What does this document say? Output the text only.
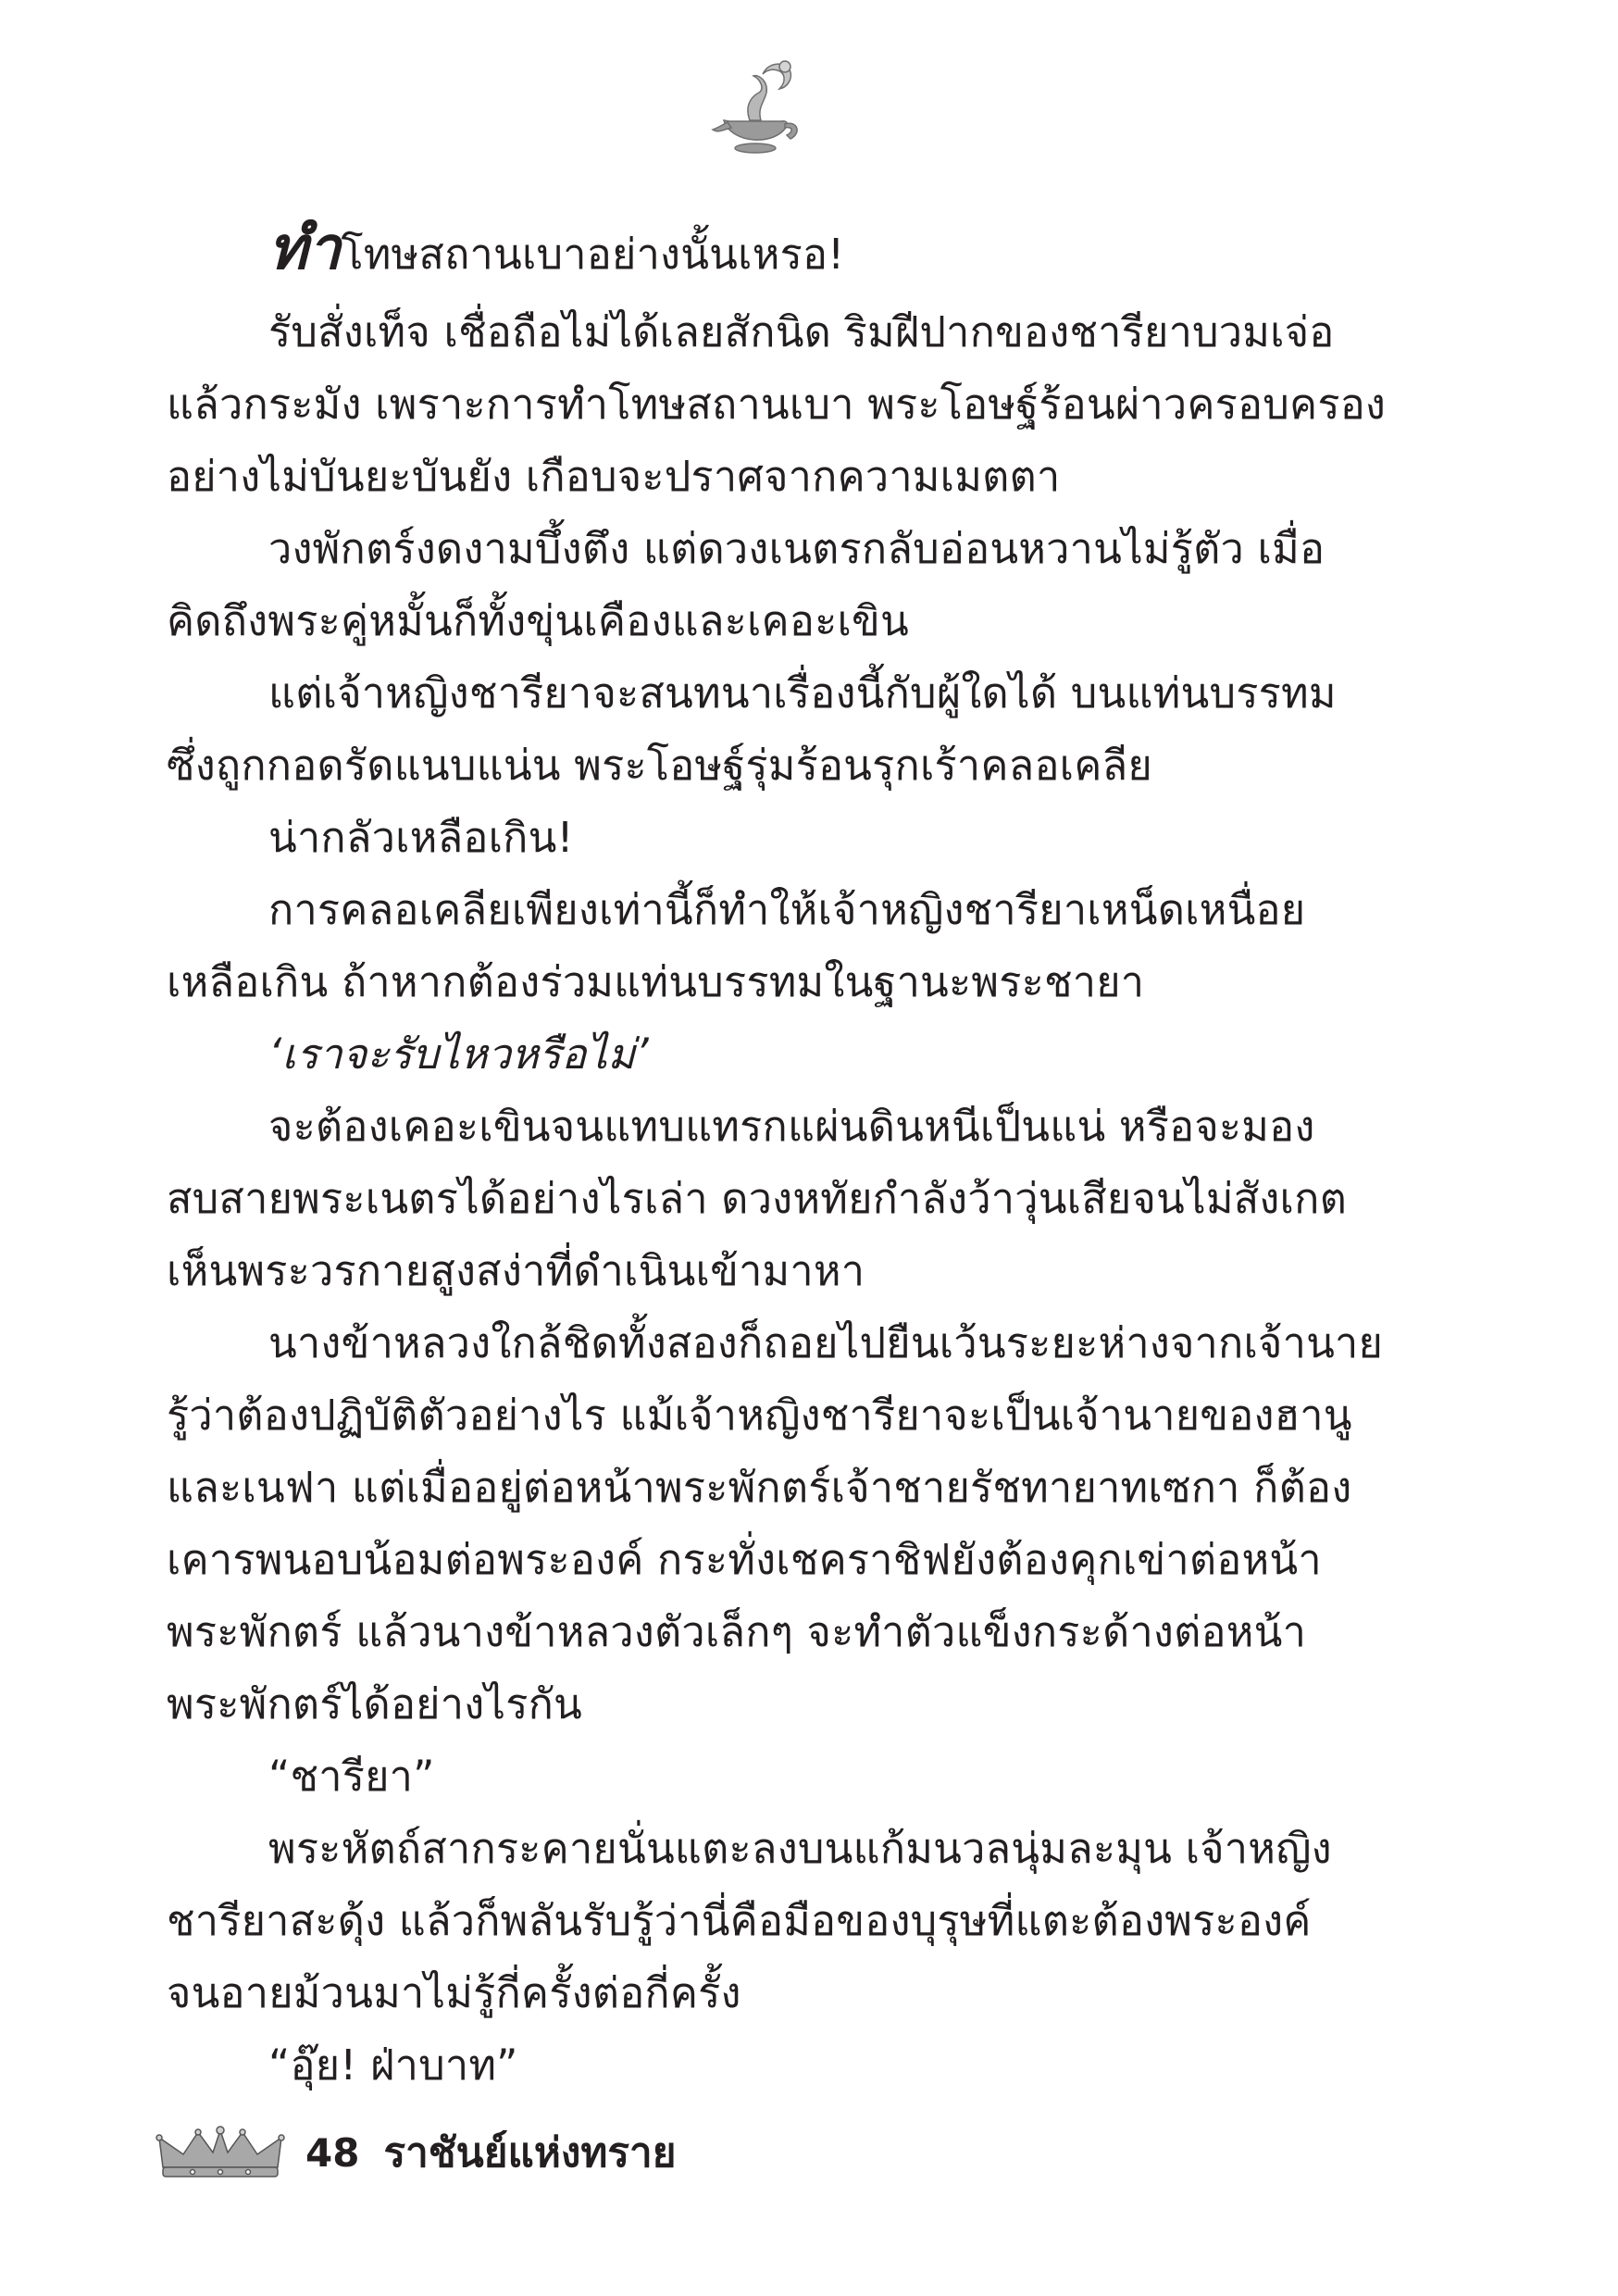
ทำโทษสถานเบาอย่างนั้นเหรอ!
รับสั่งเท็จ เชื่อถือไม่ได้เลยสักนิด ริมฝีปากของชารียาบวมเจ่อ
แล้วกระมัง เพราะการทำโทษสถานเบา พระโอษฐ์ร้อนผ่าวครอบครอง
อย่างไม่บันยะบันยัง เกือบจะปราศจากความเมตตา
วงพักตร์งดงามบึ้งตึง แต่ดวงเนตรกลับอ่อนหวานไม่รู้ตัว เมื่อ
คิดถึงพระคู่หมั้นก็ทั้งขุ่นเคืองและเคอะเขิน
แต่เจ้าหญิงชารียาจะสนทนาเรื่องนี้กับผู้ใดได้ บนแท่นบรรทม
ซึ่งถูกกอดรัดแนบแน่น พระโอษฐ์รุ่มร้อนรุกเร้าคลอเคลีย
น่ากลัวเหลือเกิน!
การคลอเคลียเพียงเท่านี้ก็ทำให้เจ้าหญิงชารียาเหน็ดเหนื่อย
เหลือเกิน ถ้าหากต้องร่วมแท่นบรรทมในฐานะพระชายา
‘เราจะรับไหวหรือไม่’
จะต้องเคอะเขินจนแทบแทรกแผ่นดินหนีเป็นแน่ หรือจะมอง
สบสายพระเนตรได้อย่างไรเล่า ดวงหทัยกำลังว้าวุ่นเสียจนไม่สังเกต
เห็นพระวรกายสูงสง่าที่ดำเนินเข้ามาหา
นางข้าหลวงใกล้ชิดทั้งสองก็ถอยไปยืนเว้นระยะห่างจากเจ้านาย
รู้ว่าต้องปฏิบัติตัวอย่างไร แม้เจ้าหญิงชารียาจะเป็นเจ้านายของฮานู
และเนฟา แต่เมื่ออยู่ต่อหน้าพระพักตร์เจ้าชายรัชทายาทเซกา ก็ต้อง
เคารพนอบน้อมต่อพระองค์ กระทั่งเชคราชิฟยังต้องคุกเข่าต่อหน้า
พระพักตร์ แล้วนางข้าหลวงตัวเล็กๆ จะทำตัวแข็งกระด้างต่อหน้า
พระพักตร์ได้อย่างไรกัน
“ชารียา”
พระหัตถ์สากระคายนั่นแตะลงบนแก้มนวลนุ่มละมุน เจ้าหญิง
ชารียาสะดุ้ง แล้วก็พลันรับรู้ว่านี่คือมือของบุรุษที่แตะต้องพระองค์
จนอายม้วนมาไม่รู้กี่ครั้งต่อกี่ครั้ง
“อุ๊ย! ฝ่าบาท”
48 ราชันย์แห่งทราย
